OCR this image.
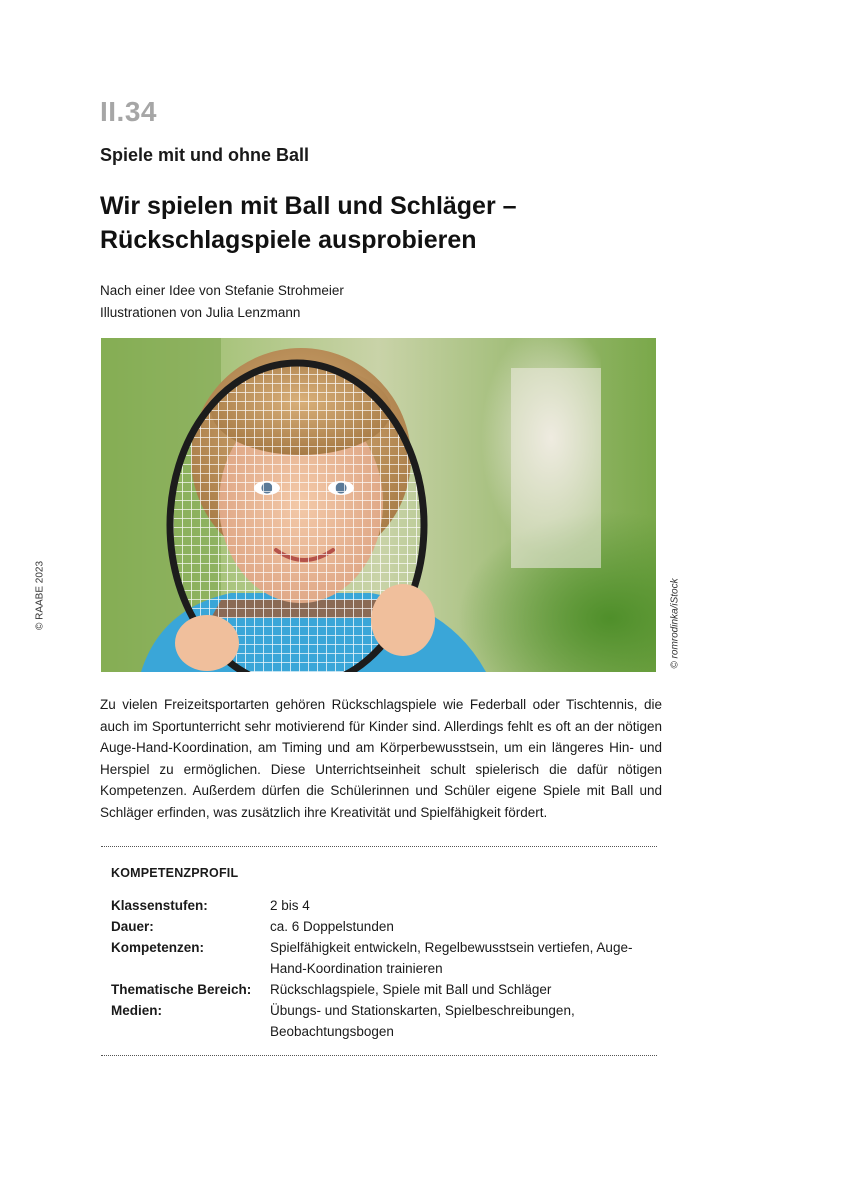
II.34
Spiele mit und ohne Ball
Wir spielen mit Ball und Schläger –
Rückschlagspiele ausprobieren
Nach einer Idee von Stefanie Strohmeier
Illustrationen von Julia Lenzmann
© romrodinka/iStock
© RAABE 2023
Zu vielen Freizeitsportarten gehören Rückschlagspiele wie Federball oder Tischtennis, die auch im Sportunterricht sehr motivierend für Kinder sind. Allerdings fehlt es oft an der nötigen Auge-Hand-Koordination, am Timing und am Körperbewusstsein, um ein längeres Hin- und Herspiel zu ermöglichen. Diese Unterrichtseinheit schult spielerisch die dafür nötigen Kompetenzen. Außerdem dürfen die Schülerinnen und Schüler eigene Spiele mit Ball und Schläger erfinden, was zusätzlich ihre Kreativität und Spielfähigkeit fördert.
KOMPETENZPROFIL
Klassenstufen:	2 bis 4
Dauer:	ca. 6 Doppelstunden
Kompetenzen:	Spielfähigkeit entwickeln, Regelbewusstsein vertiefen, Auge-Hand-Koordination trainieren
Thematische Bereich:	Rückschlagspiele, Spiele mit Ball und Schläger
Medien:	Übungs- und Stationskarten, Spielbeschreibungen, Beobachtungsbogen
